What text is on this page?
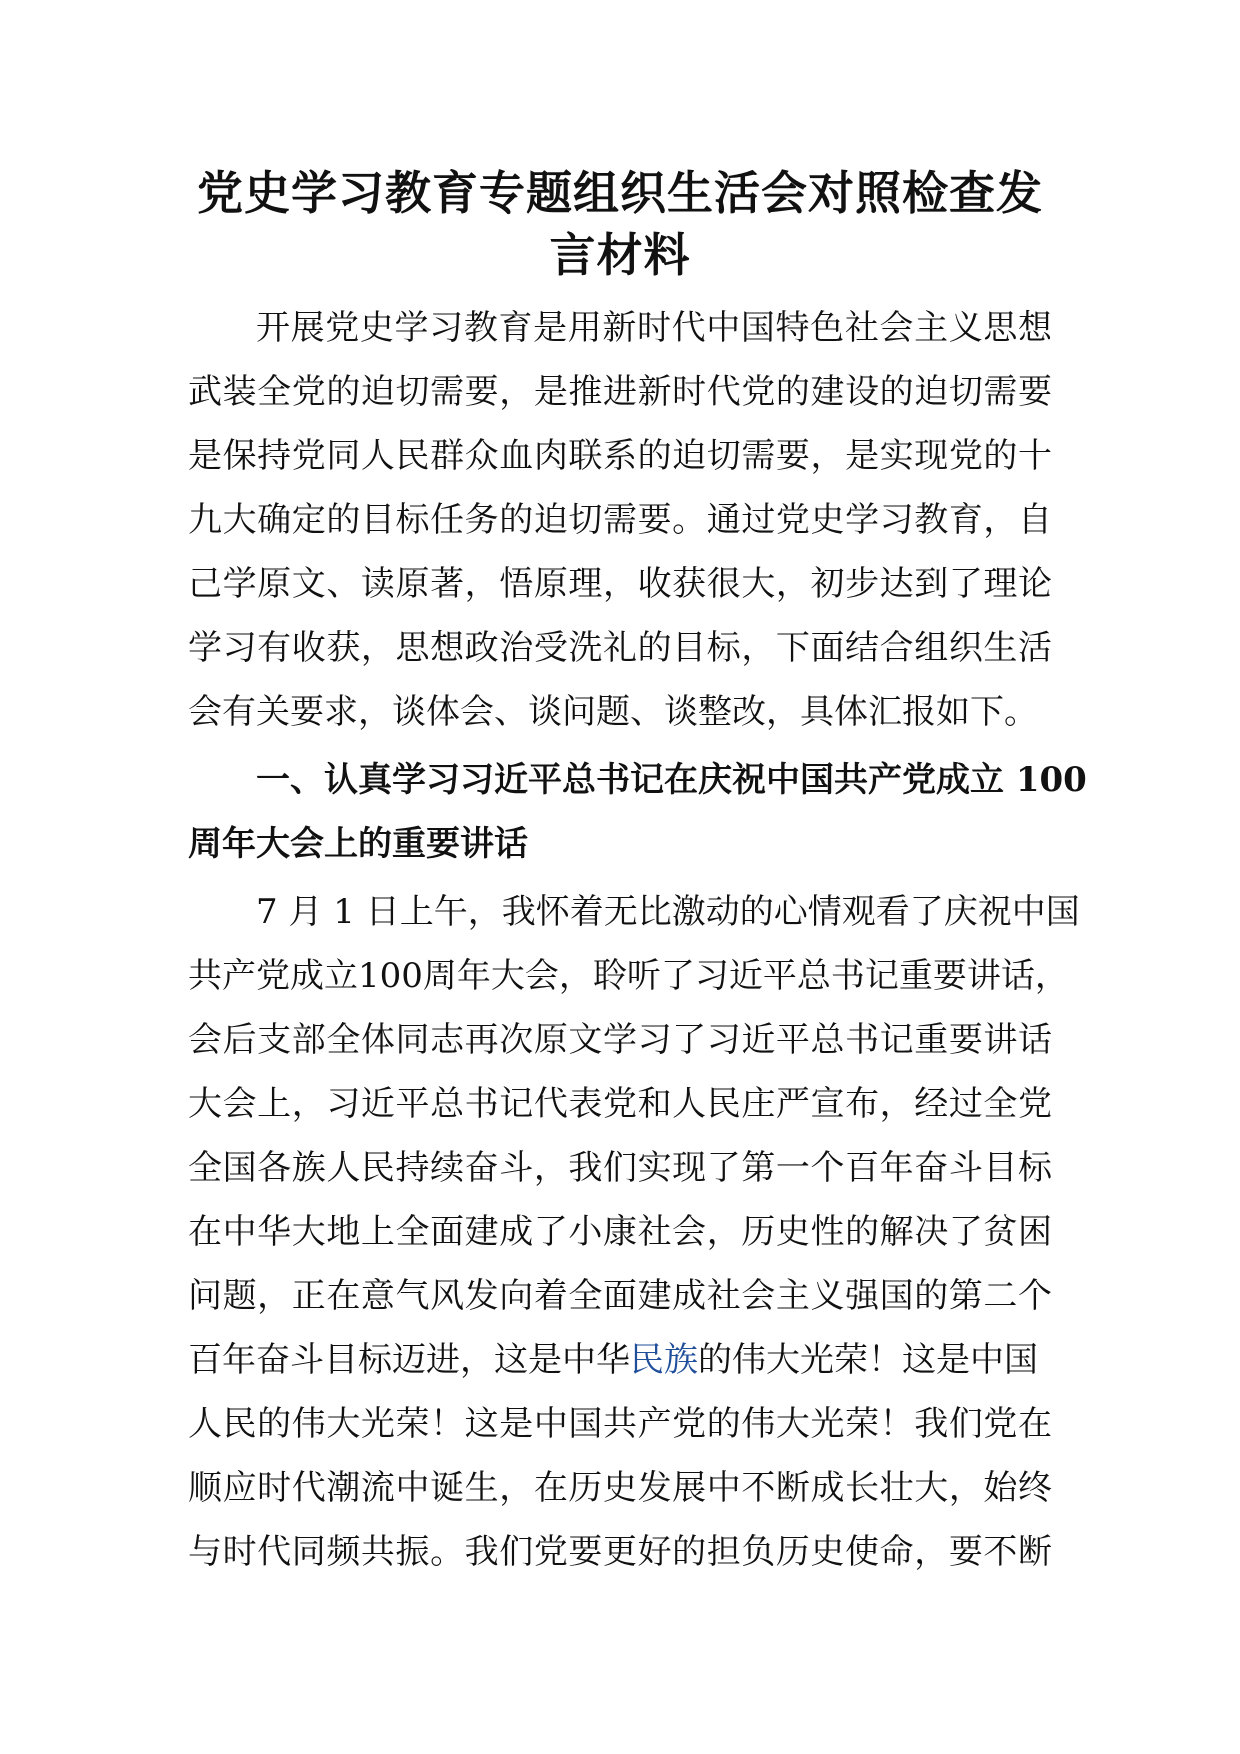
党史学习教育专题组织生活会对照检查发
言材料

开展党史学习教育是用新时代中国特色社会主义思想

武装全党的迫切需要，是推进新时代党的建设的迫切需要

是保持党同人民群众血肉联系的迫切需要，是实现党的十

九大确定的目标任务的迫切需要。通过党史学习教育，自

己学原文、读原著，悟原理，收获很大，初步达到了理论

学习有收获，思想政治受洗礼的目标，下面结合组织生活

会有关要求，谈体会、谈问题、谈整改，具体汇报如下。

一、认真学习习近平总书记在庆祝中国共产党成立 100

周年大会上的重要讲话

7 月 1 日上午，我怀着无比激动的心情观看了庆祝中国

共产党成立100周年大会，聆听了习近平总书记重要讲话，

会后支部全体同志再次原文学习了习近平总书记重要讲话

大会上，习近平总书记代表党和人民庄严宣布，经过全党

全国各族人民持续奋斗，我们实现了第一个百年奋斗目标

在中华大地上全面建成了小康社会，历史性的解决了贫困

问题，正在意气风发向着全面建成社会主义强国的第二个

百年奋斗目标迈进，这是中华民族的伟大光荣！这是中国

人民的伟大光荣！这是中国共产党的伟大光荣！我们党在

顺应时代潮流中诞生，在历史发展中不断成长壮大，始终

与时代同频共振。我们党要更好的担负历史使命，要不断
